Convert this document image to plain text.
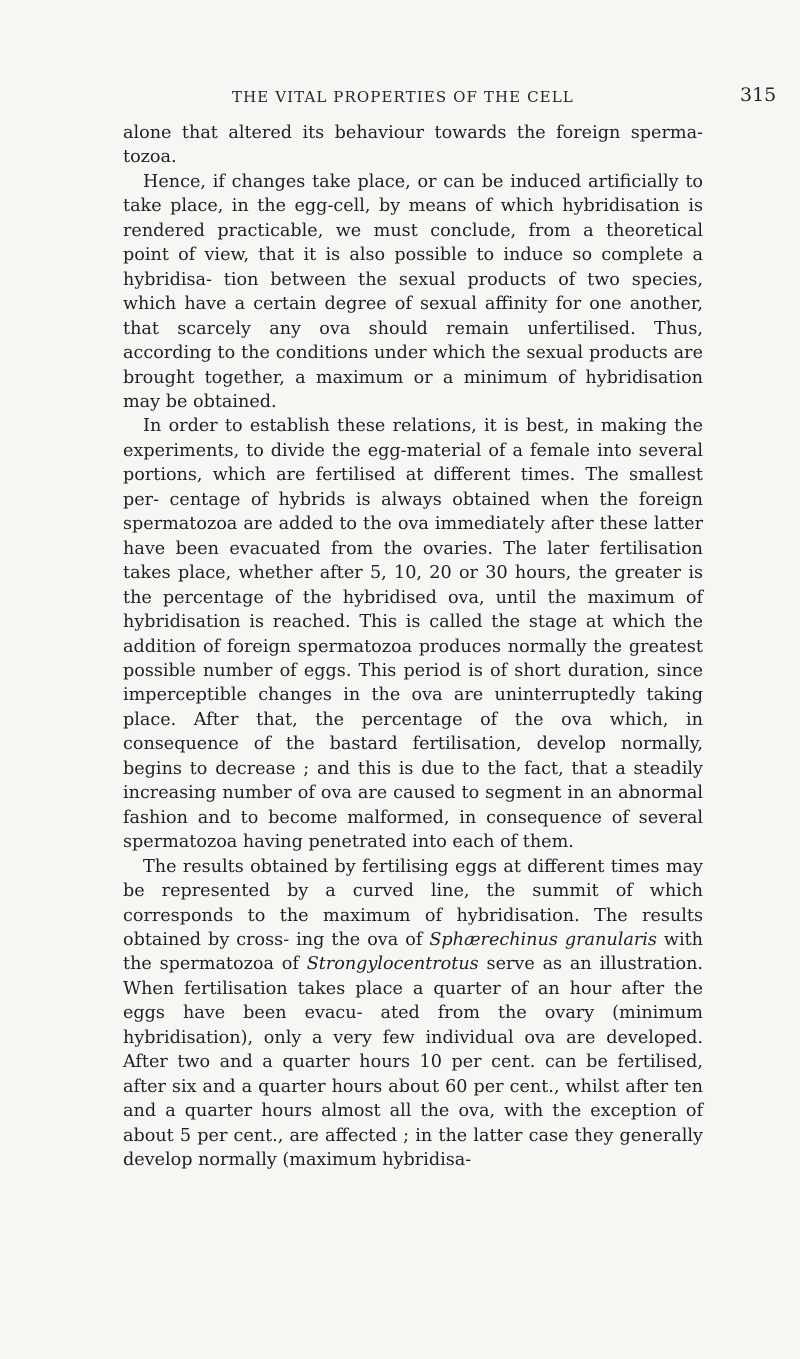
THE VITAL PROPERTIES OF THE CELL	315

alone that altered its behaviour towards the foreign sperma- tozoa.

Hence, if changes take place, or can be induced artificially to take place, in the egg-cell, by means of which hybridisation is rendered practicable, we must conclude, from a theoretical point of view, that it is also possible to induce so complete a hybridisa- tion between the sexual products of two species, which have a certain degree of sexual affinity for one another, that scarcely any ova should remain unfertilised. Thus, according to the conditions under which the sexual products are brought together, a maximum or a minimum of hybridisation may be obtained.

In order to establish these relations, it is best, in making the experiments, to divide the egg-material of a female into several portions, which are fertilised at different times. The smallest per- centage of hybrids is always obtained when the foreign spermatozoa are added to the ova immediately after these latter have been evacuated from the ovaries. The later fertilisation takes place, whether after 5, 10, 20 or 30 hours, the greater is the percentage of the hybridised ova, until the maximum of hybridisation is reached. This is called the stage at which the addition of foreign spermatozoa produces normally the greatest possible number of eggs. This period is of short duration, since imperceptible changes in the ova are uninterruptedly taking place. After that, the percentage of the ova which, in consequence of the bastard fertilisation, develop normally, begins to decrease ; and this is due to the fact, that a steadily increasing number of ova are caused to segment in an abnormal fashion and to become malformed, in consequence of several spermatozoa having penetrated into each of them.

The results obtained by fertilising eggs at different times may be represented by a curved line, the summit of which corresponds to the maximum of hybridisation. The results obtained by cross- ing the ova of Sphærechinus granularis with the spermatozoa of Strongylocentrotus serve as an illustration. When fertilisation takes place a quarter of an hour after the eggs have been evacu- ated from the ovary (minimum hybridisation), only a very few individual ova are developed. After two and a quarter hours 10 per cent. can be fertilised, after six and a quarter hours about 60 per cent., whilst after ten and a quarter hours almost all the ova, with the exception of about 5 per cent., are affected ; in the latter case they generally develop normally (maximum hybridisa-
